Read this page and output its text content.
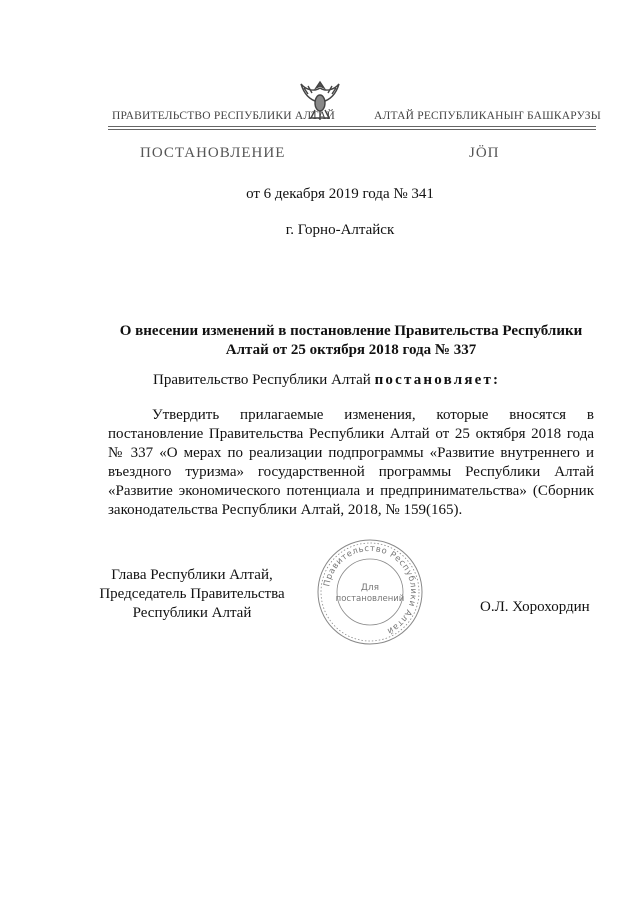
ПРАВИТЕЛЬСТВО РЕСПУБЛИКИ АЛТАЙ	АЛТАЙ РЕСПУБЛИКАНЫҤ БАШКАРУЗЫ
ПОСТАНОВЛЕНИЕ	ЈӦП
от 6 декабря 2019 года № 341
г. Горно-Алтайск
О внесении изменений в постановление Правительства Республики Алтай от 25 октября 2018 года № 337
Правительство Республики Алтай постановляет:
Утвердить прилагаемые изменения, которые вносятся в постановление Правительства Республики Алтай от 25 октября 2018 года № 337 «О мерах по реализации подпрограммы «Развитие внутреннего и въездного туризма» государственной программы Республики Алтай «Развитие экономического потенциала и предпринимательства» (Сборник законодательства Республики Алтай, 2018, № 159(165).
Глава Республики Алтай,
Председатель Правительства
Республики Алтай
Правительство Республики Алтай
Для
постановлений	О.Л. Хорохордин
